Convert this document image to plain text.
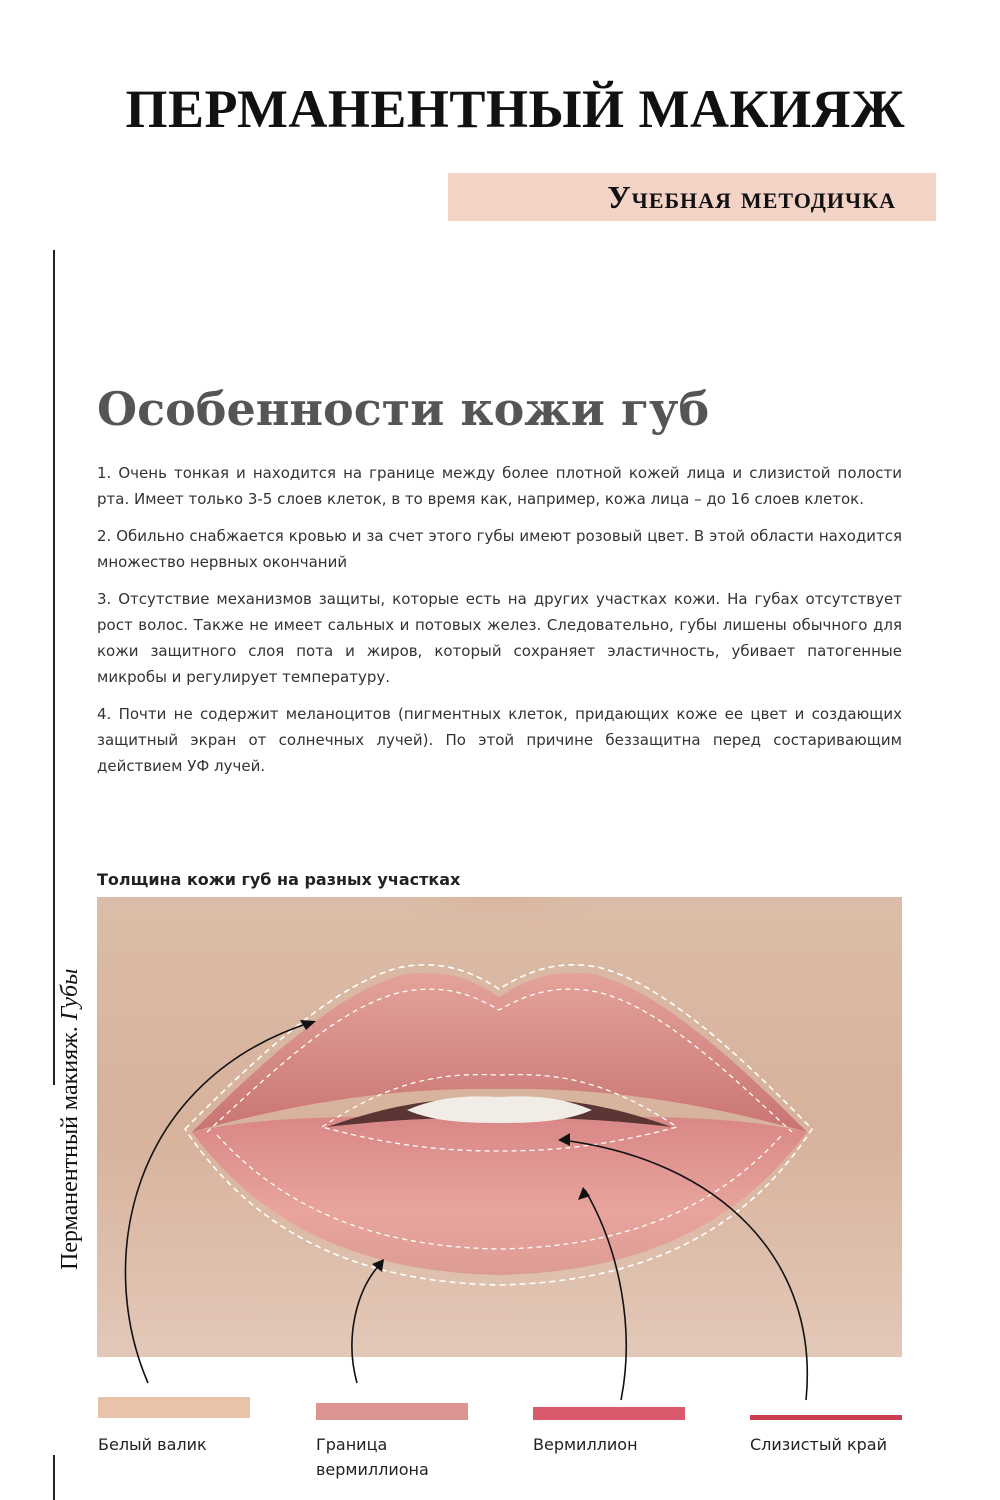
ПЕРМАНЕНТНЫЙ МАКИЯЖ
Учебная методичка
Перманентный макияж. Губы
Особенности кожи губ

1. Очень тонкая и находится на границе между более плотной кожей лица и слизистой полости рта. Имеет только 3-5 слоев клеток, в то время как, например, кожа лица – до 16 слоев клеток.

2. Обильно снабжается кровью и за счет этого губы имеют розовый цвет. В этой области находится множество нервных окончаний

3. Отсутствие механизмов защиты, которые есть на других участках кожи. На губах отсутствует рост волос. Также не имеет сальных и потовых желез. Следовательно, губы лишены обычного для кожи защитного слоя пота и жиров, который сохраняет эластичность, убивает патогенные микробы и регулирует температуру.

4. Почти не содержит меланоцитов (пигментных клеток, придающих коже ее цвет и создающих защитный экран от солнечных лучей). По этой причине беззащитна перед состаривающим действием УФ лучей.

Толщина кожи губ на разных участках
Белый валик	Граница вермиллиона
Вермиллион	Слизистый край
